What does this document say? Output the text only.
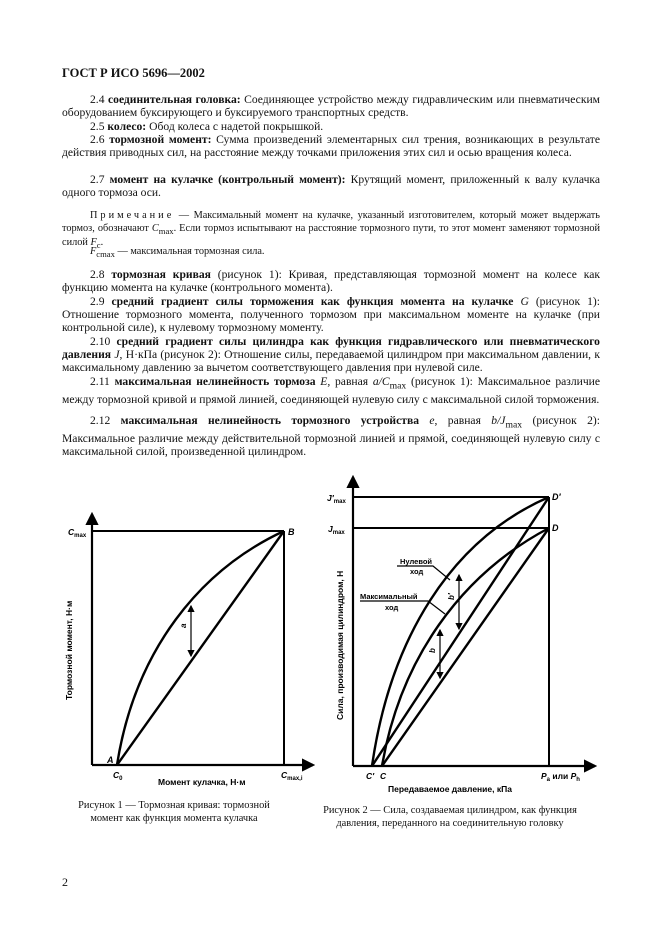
ГОСТ Р ИСО 5696—2002
2.4 соединительная головка: Соединяющее устройство между гидравлическим или пневматическим оборудованием буксирующего и буксируемого транспортных средств.
2.5 колесо: Обод колеса с надетой покрышкой.
2.6 тормозной момент: Сумма произведений элементарных сил трения, возникающих в результате действия приводных сил, на расстояние между точками приложения этих сил и осью вращения колеса.
2.7 момент на кулачке (контрольный момент): Крутящий момент, приложенный к валу кулачка одного тормоза оси.
Примечание — Максимальный момент на кулачке, указанный изготовителем, который может выдержать тормоз, обозначают $C_{max}$. Если тормоз испытывают на расстояние тормозного пути, то этот момент заменяют тормозной силой $F_c$.
$F_{cmax}$ — максимальная тормозная сила.
2.8 тормозная кривая (рисунок 1): Кривая, представляющая тормозной момент на колесе как функцию момента на кулачке (контрольного момента).
2.9 средний градиент силы торможения как функция момента на кулачке G (рисунок 1): Отношение тормозного момента, полученного тормозом при максимальном моменте на кулачке (при контрольной силе), к нулевому тормозному моменту.
2.10 средний градиент силы цилиндра как функция гидравлического или пневматического давления J, Н·кПа (рисунок 2): Отношение силы, передаваемой цилиндром при максимальном давлении, к максимальному давлению за вычетом соответствующего давления при нулевой силе.
2.11 максимальная нелинейность тормоза E, равная $a/C_{max}$ (рисунок 1): Максимальное различие между тормозной кривой и прямой линией, соединяющей нулевую силу с максимальной силой торможения.
2.12 максимальная нелинейность тормозного устройства e, равная $b/J_{max}$ (рисунок 2): Максимальное различие между действительной тормозной линией и прямой, соединяющей нулевую силу с максимальной силой, произведенной цилиндром.
Тормозной момент, Н·м
$C_{max}$	B
A
a
$C_0$	$C_{max,i}$
Момент кулачка, Н·м
Сила, производимая цилиндром, Н
$J'_{max}$
$J_{max}$
D′
D
Нулевой
ход
Максимальный
ход
b′
b
C′ C	$P_a$ или $P_h$
Передаваемое давление, кПа
Рисунок 1 — Тормозная кривая: тормозной момент как функция момента кулачка
Рисунок 2 — Сила, создаваемая цилиндром, как функция давления, переданного на соединительную головку
2
